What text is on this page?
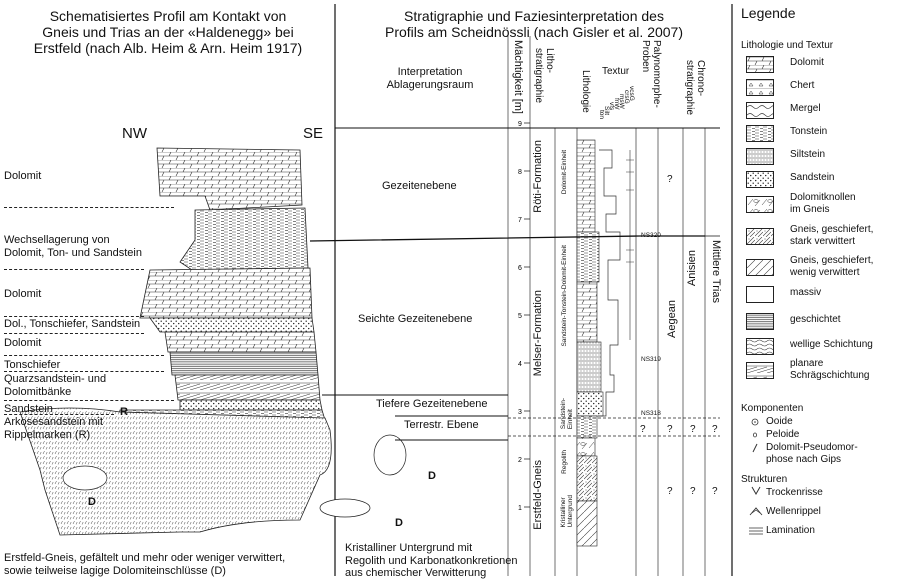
1
2
3
4
5
6
7
8
9
Schematisiertes Profil am Kontakt von
Gneis und Trias an der «Haldenegg» bei
Erstfeld (nach Alb. Heim & Arn. Heim 1917)
NW	SE
Dolomit
Wechsellagerung von
Dolomit, Ton- und Sandstein
Dolomit
Dol., Tonschiefer, Sandstein
Dolomit
Tonschiefer
Quarzsandstein- und
Dolomitbänke
Sandstein
Arkosesandstein mit
Rippelmarken (R)
R
D
D
D
Erstfeld-Gneis, gefältelt und mehr oder weniger verwittert,
sowie teilweise lagige Dolomiteinschlüsse (D)
Stratigraphie und Faziesinterpretation des
Profils am Scheidnössli (nach Gisler et al. 2007)
Interpretation
Ablagerungsraum	Mächtigkeit [m]	Litho-
stratigraphie	Lithologie Textur	Palynomorphe-
Proben
Chrono-
stratigraphie
vcsG
crsG
msW
fnW
vfs
Silt
ton
Gezeitenebene
Seichte Gezeitenebene
Tiefere Gezeitenebene
Terrestr. Ebene
Röti-Formation
Melser-Formation
Erstfeld-Gneis
Dolomit-Einheit
Sandstein-Tonstein-Dolomit-Einheit
Sandstein-
Einheit
Regolith
Kristalliner
Untergrund
NS320
NS319
NS318
Anisien
Aegean
Mittlere Trias
?
? ? ? ?
? ? ?
Kristalliner Untergrund mit
Regolith und Karbonatkonkretionen
aus chemischer Verwitterung
Legende
Lithologie und Textur
Dolomit
Chert
Mergel
Tonstein
Siltstein
Sandstein
Dolomitknollen
im Gneis
Gneis, geschiefert,
stark verwittert
Gneis, geschiefert,
wenig verwittert
massiv
geschichtet
wellige Schichtung
planare
Schrägschichtung
Komponenten
Ooide
Peloide
Dolomit-Pseudomor-
phose nach Gips
Strukturen
Trockenrisse
Wellenrippel
Lamination
